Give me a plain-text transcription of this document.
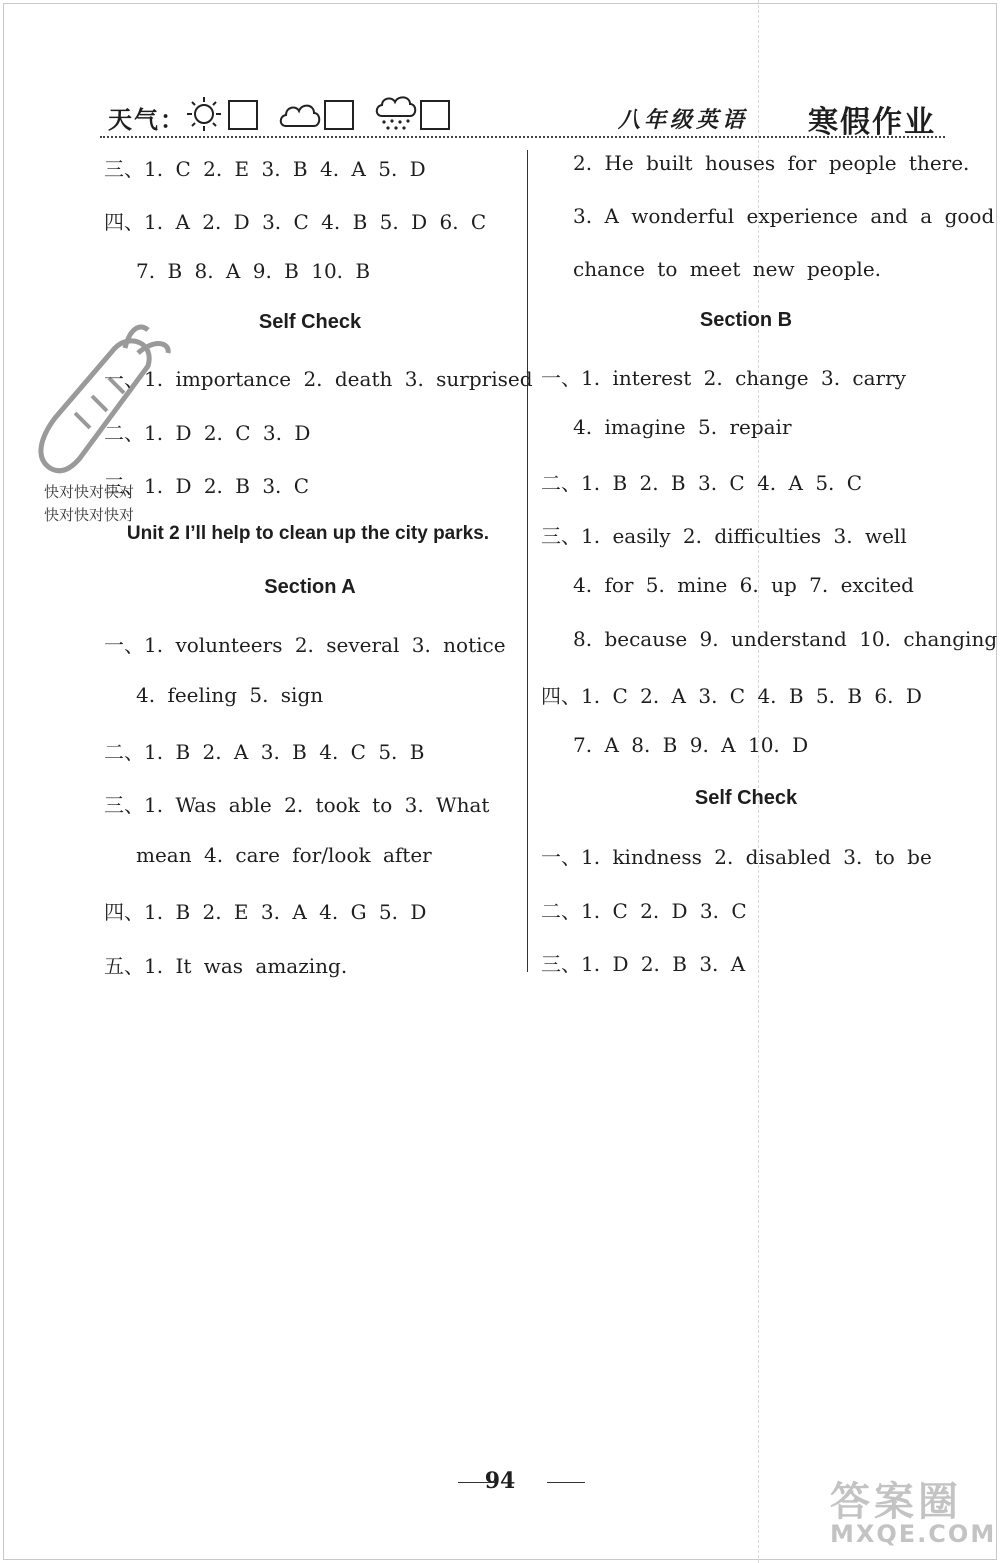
天气：	八年级英语 寒假作业
快对快对快对
快对快对快对
三、1. C 2. E 3. B 4. A 5. D
四、1. A 2. D 3. C 4. B 5. D 6. C
7. B 8. A 9. B 10. B
Self Check
一、1. importance 2. death 3. surprised
二、1. D 2. C 3. D
三、1. D 2. B 3. C
Unit 2 I’ll help to clean up the city parks.
Section A
一、1. volunteers 2. several 3. notice
4. feeling 5. sign
二、1. B 2. A 3. B 4. C 5. B
三、1. Was able 2. took to 3. What
mean 4. care for/look after
四、1. B 2. E 3. A 4. G 5. D
五、1. It was amazing.
2. He built houses for people there.
3. A wonderful experience and a good
chance to meet new people.
Section B
一、1. interest 2. change 3. carry
4. imagine 5. repair
二、1. B 2. B 3. C 4. A 5. C
三、1. easily 2. difficulties 3. well
4. for 5. mine 6. up 7. excited
8. because 9. understand 10. changing
四、1. C 2. A 3. C 4. B 5. B 6. D
7. A 8. B 9. A 10. D
Self Check
一、1. kindness 2. disabled 3. to be
二、1. C 2. D 3. C
三、1. D 2. B 3. A
94	答案圈
MXQE.COM
